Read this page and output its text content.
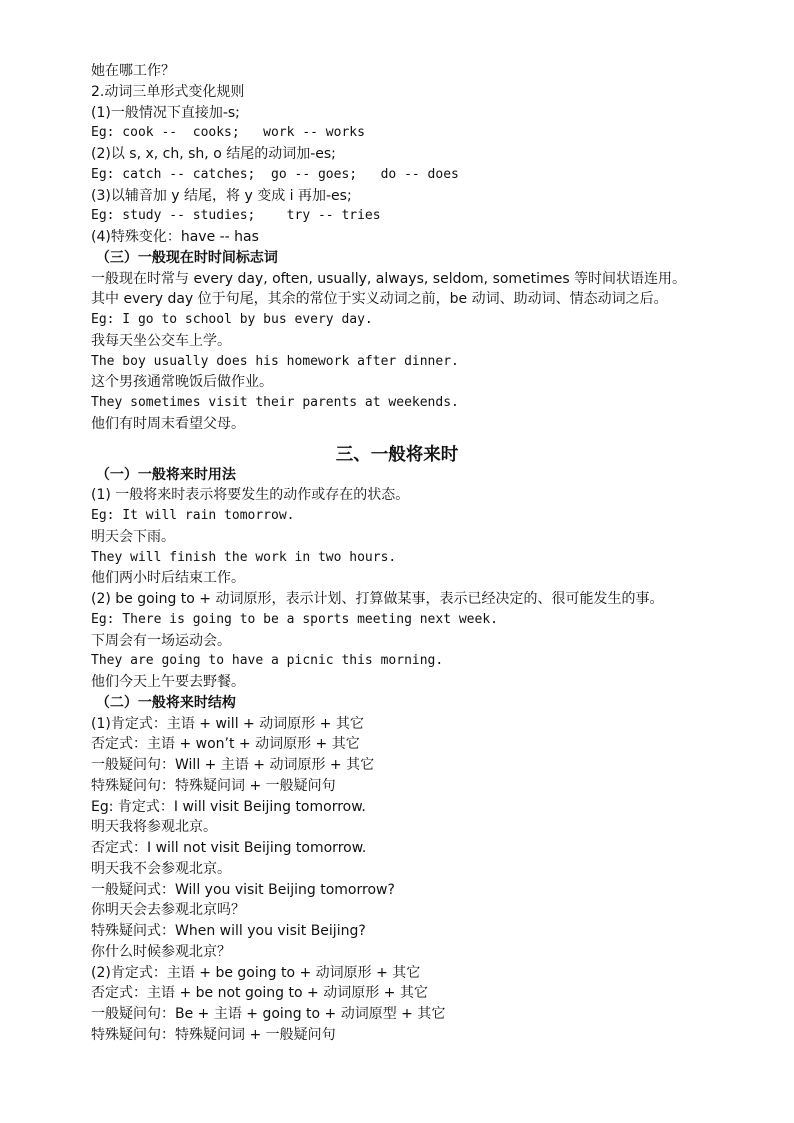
她在哪工作？
2.动词三单形式变化规则
(1)一般情况下直接加-s;
Eg: cook --  cooks;   work -- works
(2)以 s, x, ch, sh, o 结尾的动词加-es;
Eg: catch -- catches;  go -- goes;   do -- does
(3)以辅音加 y 结尾，将 y 变成 i 再加-es;
Eg: study -- studies;    try -- tries
(4)特殊变化：have -- has
（三）一般现在时时间标志词
一般现在时常与 every day, often, usually, always, seldom, sometimes 等时间状语连用。
其中 every day 位于句尾，其余的常位于实义动词之前，be 动词、助动词、情态动词之后。
Eg: I go to school by bus every day.
我每天坐公交车上学。
The boy usually does his homework after dinner.
这个男孩通常晚饭后做作业。
They sometimes visit their parents at weekends.
他们有时周末看望父母。
三、一般将来时
（一）一般将来时用法
(1) 一般将来时表示将要发生的动作或存在的状态。
Eg: It will rain tomorrow.
明天会下雨。
They will finish the work in two hours.
他们两小时后结束工作。
(2) be going to + 动词原形，表示计划、打算做某事，表示已经决定的、很可能发生的事。
Eg: There is going to be a sports meeting next week.
下周会有一场运动会。
They are going to have a picnic this morning.
他们今天上午要去野餐。
（二）一般将来时结构
(1)肯定式：主语 + will + 动词原形 + 其它
否定式：主语 + won’t + 动词原形 + 其它
一般疑问句：Will + 主语 + 动词原形 + 其它
特殊疑问句：特殊疑问词 + 一般疑问句
Eg: 肯定式：I will visit Beijing tomorrow.
明天我将参观北京。
否定式：I will not visit Beijing tomorrow.
明天我不会参观北京。
一般疑问式：Will you visit Beijing tomorrow?
你明天会去参观北京吗？
特殊疑问式：When will you visit Beijing?
你什么时候参观北京？
(2)肯定式：主语 + be going to + 动词原形 + 其它
否定式：主语 + be not going to + 动词原形 + 其它
一般疑问句：Be + 主语 + going to + 动词原型 + 其它
特殊疑问句：特殊疑问词 + 一般疑问句
